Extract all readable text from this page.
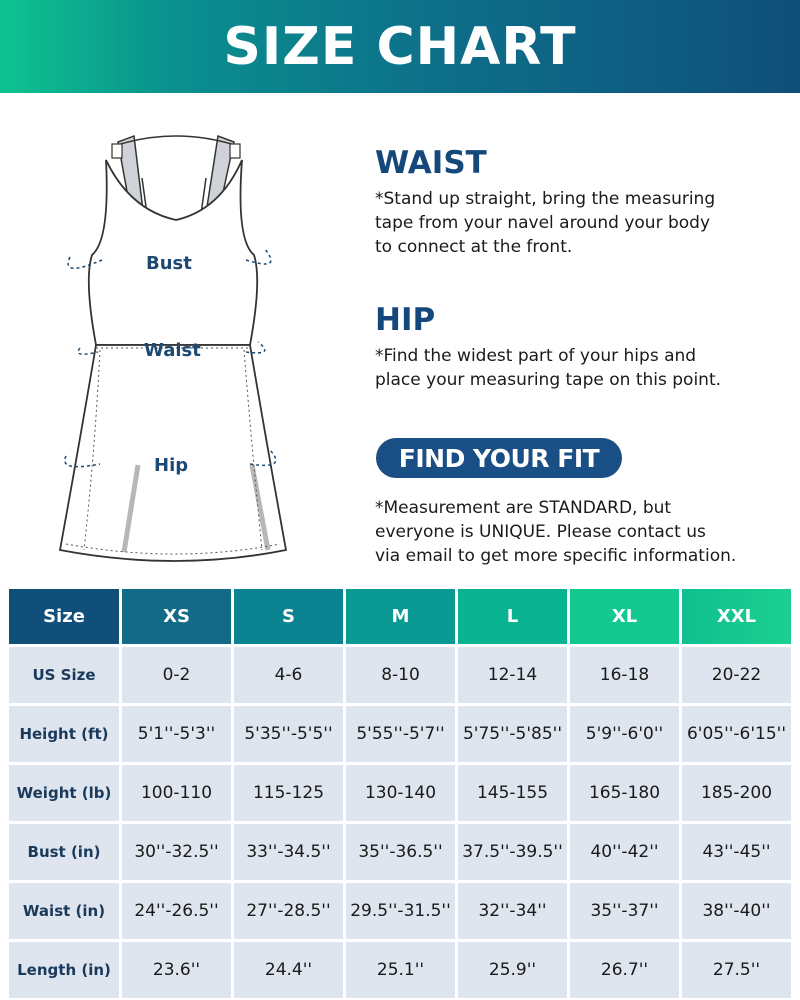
SIZE CHART
Bust
Waist
Hip
WAIST

*Stand up straight, bring the measuring
tape from your navel around your body
to connect at the front.

HIP

*Find the widest part of your hips and
place your measuring tape on this point.

FIND YOUR FIT

*Measurement are STANDARD, but
everyone is UNIQUE. Please contact us
via email to get more specific information.

Size	XS	S	M	L	XL	XXL
US Size	0-2	4-6	8-10	12-14	16-18	20-22
Height (ft)	5'1''-5'3''	5'35''-5'5''	5'55''-5'7''	5'75''-5'85''	5'9''-6'0''	6'05''-6'15''
Weight (lb)	100-110	115-125	130-140	145-155	165-180	185-200
Bust (in)	30''-32.5''	33''-34.5''	35''-36.5''	37.5''-39.5''	40''-42''	43''-45''
Waist (in)	24''-26.5''	27''-28.5''	29.5''-31.5''	32''-34''	35''-37''	38''-40''
Length (in)	23.6''	24.4''	25.1''	25.9''	26.7''	27.5''
